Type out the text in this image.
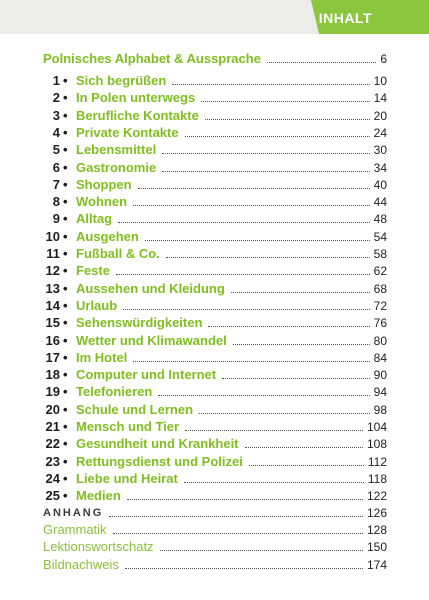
INHALT
Polnisches Alphabet & Aussprache	6
1 • Sich begrüßen	10
2 • In Polen unterwegs	14
3 • Berufliche Kontakte	20
4 • Private Kontakte	24
5 • Lebensmittel	30
6 • Gastronomie	34
7 • Shoppen	40
8 • Wohnen	44
9 • Alltag	48
10 • Ausgehen	54
11 • Fußball & Co.	58
12 • Feste	62
13 • Aussehen und Kleidung	68
14 • Urlaub	72
15 • Sehenswürdigkeiten	76
16 • Wetter und Klimawandel	80
17 • Im Hotel	84
18 • Computer und Internet	90
19 • Telefonieren	94
20 • Schule und Lernen	98
21 • Mensch und Tier	104
22 • Gesundheit und Krankheit	108
23 • Rettungsdienst und Polizei	112
24 • Liebe und Heirat	118
25 • Medien	122
ANHANG	126
Grammatik	128
Lektionswortschatz	150
Bildnachweis	174
